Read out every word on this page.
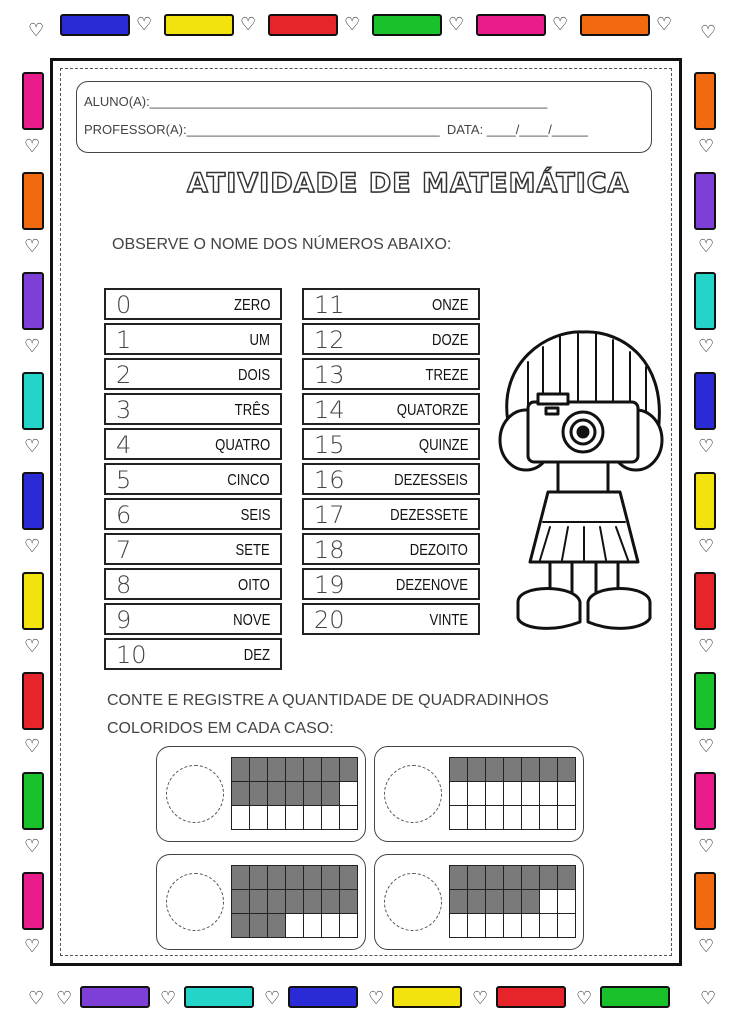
♡	♡	♡	♡	♡	♡
♡	♡	♡	♡	♡	♡
♡
♡
♡
♡
♡
♡
♡
♡
♡
♡
♡
♡
♡
♡
♡
♡
♡
♡
♡	♡
♡	♡
ALUNO(A):_______________________________________________________
PROFESSOR(A):___________________________________  DATA: ____/____/_____
ATIVIDADE DE MATEMÁTICA
OBSERVE O NOME DOS NÚMEROS ABAIXO:
0	ZERO
1	UM
2	DOIS
3	TRÊS
4	QUATRO
5	CINCO
6	SEIS
7	SETE
8	OITO
9	NOVE
10	DEZ
11	ONZE
12	DOZE
13	TREZE
14	QUATORZE
15	QUINZE
16	DEZESSEIS
17	DEZESSETE
18	DEZOITO
19	DEZENOVE
20	VINTE
CONTE E REGISTRE A QUANTIDADE DE QUADRADINHOS
COLORIDOS EM CADA CASO:
